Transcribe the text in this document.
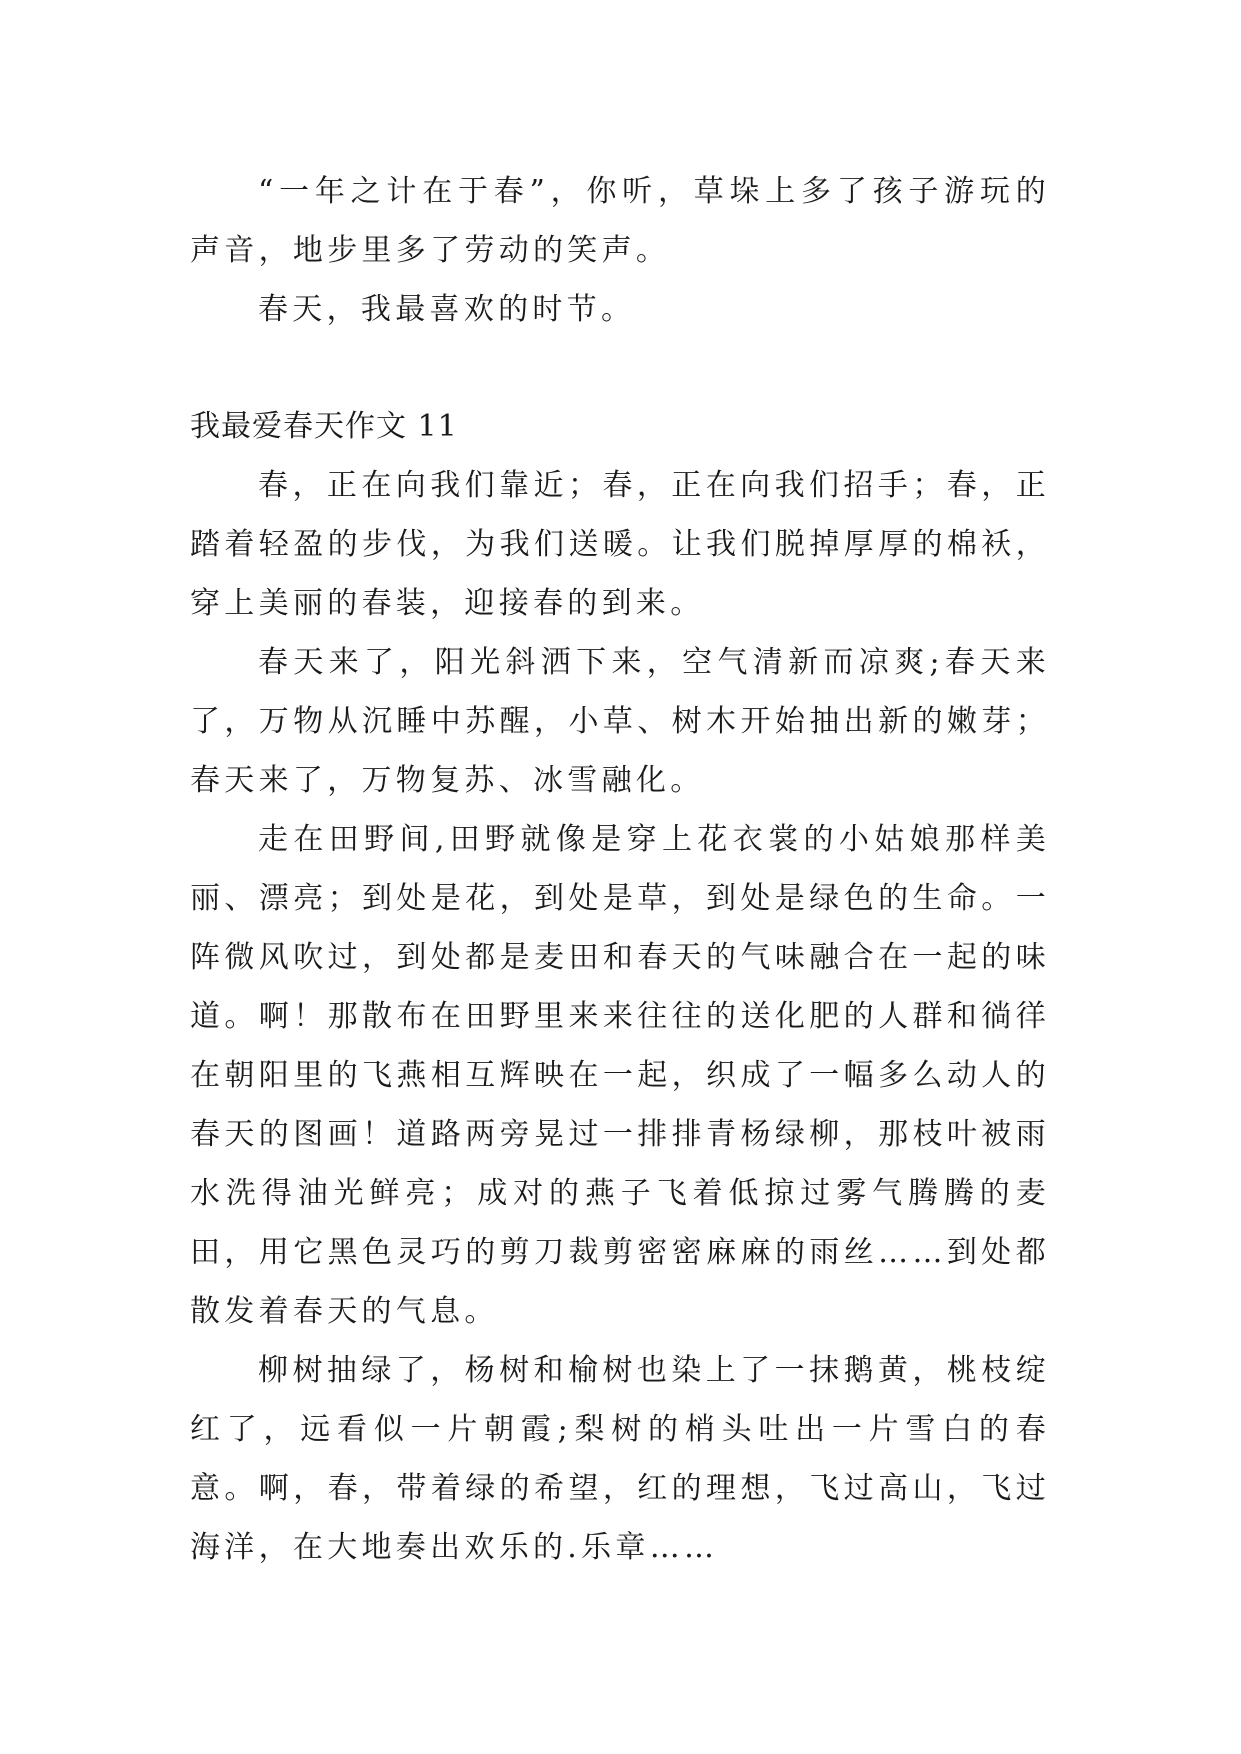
“一年之计在于春”，你听，草垛上多了孩子游玩的声音，地步里多了劳动的笑声。

春天，我最喜欢的时节。

我最爱春天作文 11

春，正在向我们靠近；春，正在向我们招手；春，正踏着轻盈的步伐，为我们送暖。让我们脱掉厚厚的棉袄，穿上美丽的春装，迎接春的到来。

春天来了，阳光斜洒下来，空气清新而凉爽;春天来了，万物从沉睡中苏醒，小草、树木开始抽出新的嫩芽；春天来了，万物复苏、冰雪融化。

走在田野间,田野就像是穿上花衣裳的小姑娘那样美丽、漂亮；到处是花，到处是草，到处是绿色的生命。一阵微风吹过，到处都是麦田和春天的气味融合在一起的味道。啊！那散布在田野里来来往往的送化肥的人群和徜徉在朝阳里的飞燕相互辉映在一起，织成了一幅多么动人的春天的图画！道路两旁晃过一排排青杨绿柳，那枝叶被雨水洗得油光鲜亮；成对的燕子飞着低掠过雾气腾腾的麦田，用它黑色灵巧的剪刀裁剪密密麻麻的雨丝……到处都散发着春天的气息。

柳树抽绿了，杨树和榆树也染上了一抹鹅黄，桃枝绽红了，远看似一片朝霞;梨树的梢头吐出一片雪白的春意。啊，春，带着绿的希望，红的理想，飞过高山，飞过海洋，在大地奏出欢乐的.乐章……
